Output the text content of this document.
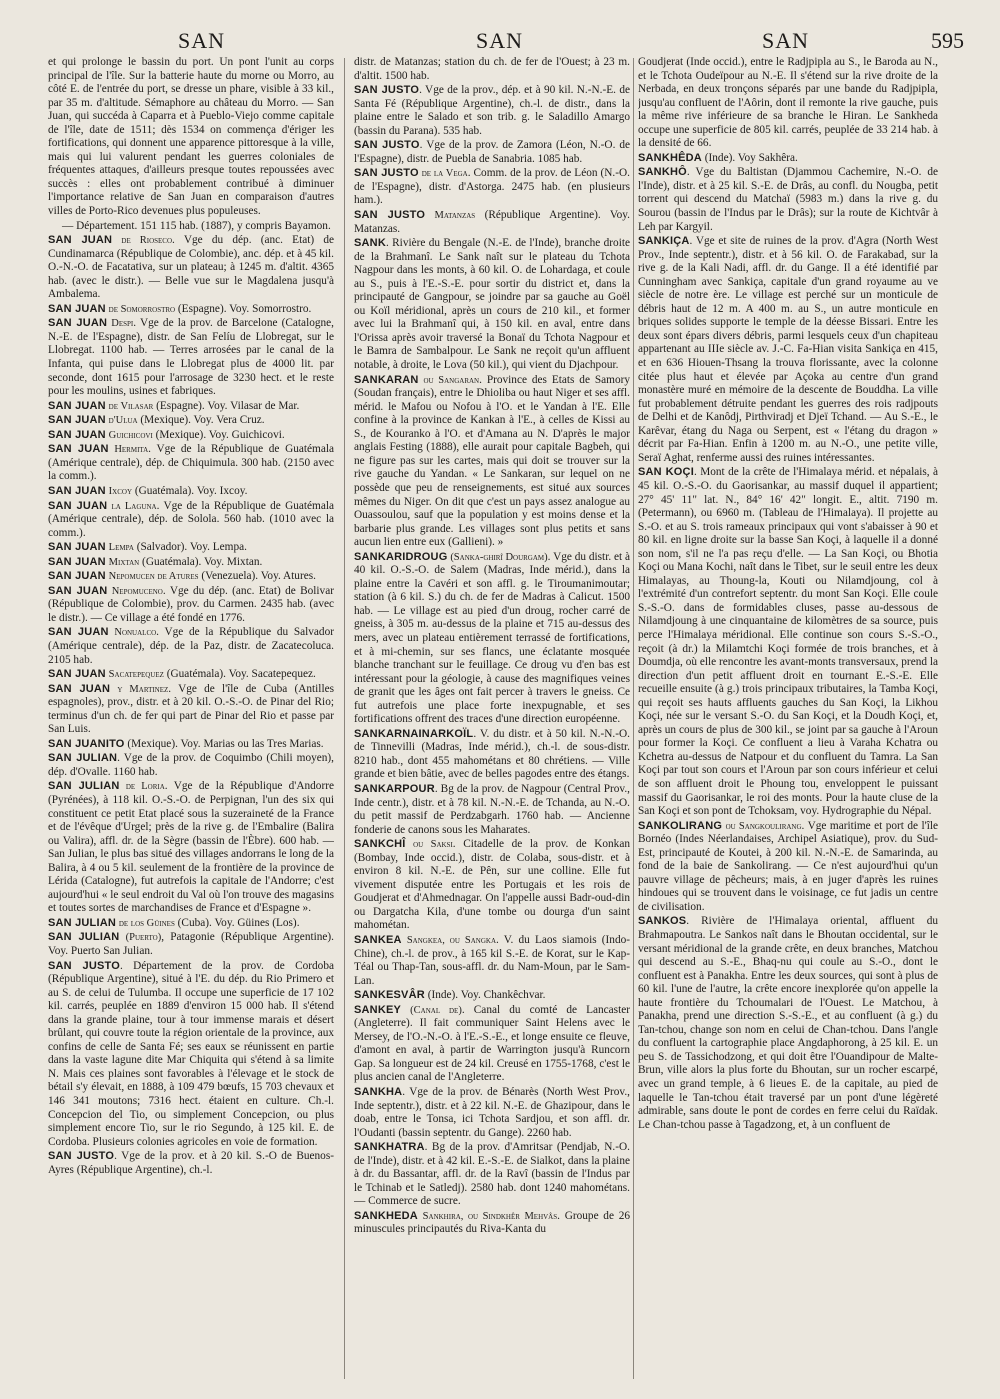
SAN	SAN	SAN	595

et qui prolonge le bassin du port. Un pont l'unit au corps principal de l'île. Sur la batterie haute du morne ou Morro, au côté E. de l'entrée du port, se dresse un phare, visible à 33 kil., par 35 m. d'altitude. Sémaphore au château du Morro. — San Juan, qui succéda à Caparra et à Pueblo-Viejo comme capitale de l'île, date de 1511; dès 1534 on commença d'ériger les fortifications, qui donnent une apparence pittoresque à la ville, mais qui lui valurent pendant les guerres coloniales de fréquentes attaques, d'ailleurs presque toutes repoussées avec succès : elles ont probablement contribué à diminuer l'importance relative de San Juan en comparaison d'autres villes de Porto-Rico devenues plus populeuses.

— Département. 151 115 hab. (1887), y compris Bayamon.

SAN JUAN de Rioseco. Vge du dép. (anc. Etat) de Cundinamarca (République de Colombie), anc. dép. et à 45 kil. O.-N.-O. de Facatativa, sur un plateau; à 1245 m. d'altit. 4365 hab. (avec le distr.). — Belle vue sur le Magdalena jusqu'à Ambalema.

SAN JUAN de Somorrostro (Espagne). Voy. Somorrostro.

SAN JUAN Despi. Vge de la prov. de Barcelone (Catalogne, N.-E. de l'Espagne), distr. de San Felíu de Llobregat, sur le Llobregat. 1100 hab. — Terres arrosées par le canal de la Infanta, qui puise dans le Llobregat plus de 4000 lit. par seconde, dont 1615 pour l'arrosage de 3230 hect. et le reste pour les moulins, usines et fabriques.

SAN JUAN de Vilasar (Espagne). Voy. Vilasar de Mar.

SAN JUAN d'Ulua (Mexique). Voy. Vera Cruz.

SAN JUAN Guichicovi (Mexique). Voy. Guichicovi.

SAN JUAN Hermita. Vge de la République de Guatémala (Amérique centrale), dép. de Chiquimula. 300 hab. (2150 avec la comm.).

SAN JUAN Ixcoy (Guatémala). Voy. Ixcoy.

SAN JUAN la Laguna. Vge de la République de Guatémala (Amérique centrale), dép. de Solola. 560 hab. (1010 avec la comm.).

SAN JUAN Lempa (Salvador). Voy. Lempa.

SAN JUAN Mixtan (Guatémala). Voy. Mixtan.

SAN JUAN Nepomucen de Atures (Venezuela). Voy. Atures.

SAN JUAN Nepomuceno. Vge du dép. (anc. Etat) de Bolivar (République de Colombie), prov. du Carmen. 2435 hab. (avec le distr.). — Ce village a été fondé en 1776.

SAN JUAN Nonualco. Vge de la République du Salvador (Amérique centrale), dép. de la Paz, distr. de Zacatecoluca. 2105 hab.

SAN JUAN Sacatepequez (Guatémala). Voy. Sacatepequez.

SAN JUAN y Martinez. Vge de l'île de Cuba (Antilles espagnoles), prov., distr. et à 20 kil. O.-S.-O. de Pinar del Rio; terminus d'un ch. de fer qui part de Pinar del Rio et passe par San Luis.

SAN JUANITO (Mexique). Voy. Marias ou las Tres Marias.

SAN JULIAN. Vge de la prov. de Coquimbo (Chili moyen), dép. d'Ovalle. 1160 hab.

SAN JULIAN de Loria. Vge de la République d'Andorre (Pyrénées), à 118 kil. O.-S.-O. de Perpignan, l'un des six qui constituent ce petit Etat placé sous la suzeraineté de la France et de l'évêque d'Urgel; près de la rive g. de l'Embalire (Balira ou Valira), affl. dr. de la Sègre (bassin de l'Èbre). 600 hab. — San Julian, le plus bas situé des villages andorrans le long de la Balira, à 4 ou 5 kil. seulement de la frontière de la province de Lérida (Catalogne), fut autrefois la capitale de l'Andorre; c'est aujourd'hui « le seul endroit du Val où l'on trouve des magasins et toutes sortes de marchandises de France et d'Espagne ».

SAN JULIAN de los Güines (Cuba). Voy. Güines (Los).

SAN JULIAN (Puerto), Patagonie (République Argentine). Voy. Puerto San Julian.

SAN JUSTO. Département de la prov. de Cordoba (République Argentine), situé à l'E. du dép. du Rio Primero et au S. de celui de Tulumba. Il occupe une superficie de 17 102 kil. carrés, peuplée en 1889 d'environ 15 000 hab. Il s'étend dans la grande plaine, tour à tour immense marais et désert brûlant, qui couvre toute la région orientale de la province, aux confins de celle de Santa Fé; ses eaux se réunissent en partie dans la vaste lagune dite Mar Chiquita qui s'étend à sa limite N. Mais ces plaines sont favorables à l'élevage et le stock de bétail s'y élevait, en 1888, à 109 479 bœufs, 15 703 chevaux et 146 341 moutons; 7316 hect. étaient en culture. Ch.-l. Concepcion del Tio, ou simplement Concepcion, ou plus simplement encore Tio, sur le rio Segundo, à 125 kil. E. de Cordoba. Plusieurs colonies agricoles en voie de formation.

SAN JUSTO. Vge de la prov. et à 20 kil. S.-O de Buenos-Ayres (République Argentine), ch.-l.

distr. de Matanzas; station du ch. de fer de l'Ouest; à 23 m. d'altit. 1500 hab.

SAN JUSTO. Vge de la prov., dép. et à 90 kil. N.-N.-E. de Santa Fé (République Argentine), ch.-l. de distr., dans la plaine entre le Salado et son trib. g. le Saladillo Amargo (bassin du Parana). 535 hab.

SAN JUSTO. Vge de la prov. de Zamora (Léon, N.-O. de l'Espagne), distr. de Puebla de Sanabria. 1085 hab.

SAN JUSTO de la Vega. Comm. de la prov. de Léon (N.-O. de l'Espagne), distr. d'Astorga. 2475 hab. (en plusieurs ham.).

SAN JUSTO Matanzas (République Argentine). Voy. Matanzas.

SANK. Rivière du Bengale (N.-E. de l'Inde), branche droite de la Brahmanî. Le Sank naît sur le plateau du Tchota Nagpour dans les monts, à 60 kil. O. de Lohardaga, et coule au S., puis à l'E.-S.-E. pour sortir du district et, dans la principauté de Gangpour, se joindre par sa gauche au Goël ou Koïl méridional, après un cours de 210 kil., et former avec lui la Brahmanî qui, à 150 kil. en aval, entre dans l'Orissa après avoir traversé la Bonaï du Tchota Nagpour et le Bamra de Sambalpour. Le Sank ne reçoit qu'un affluent notable, à droite, le Lova (50 kil.), qui vient du Djachpour.

SANKARAN ou Sangaran. Province des Etats de Samory (Soudan français), entre le Dhioliba ou haut Niger et ses affl. mérid. le Mafou ou Nofou à l'O. et le Yandan à l'E. Elle confine à la province de Kankan à l'E., à celles de Kissi au S., de Kouranko à l'O. et d'Amana au N. D'après le major anglais Festing (1888), elle aurait pour capitale Bagbeh, qui ne figure pas sur les cartes, mais qui doit se trouver sur la rive gauche du Yandan. « Le Sankaran, sur lequel on ne possède que peu de renseignements, est situé aux sources mêmes du Niger. On dit que c'est un pays assez analogue au Ouassoulou, sauf que la population y est moins dense et la barbarie plus grande. Les villages sont plus petits et sans aucun lien entre eux (Gallieni). »

SANKARIDROUG (Sanka-ghirî Dourgam). Vge du distr. et à 40 kil. O.-S.-O. de Salem (Madras, Inde mérid.), dans la plaine entre la Cavéri et son affl. g. le Tiroumanimoutar; station (à 6 kil. S.) du ch. de fer de Madras à Calicut. 1500 hab. — Le village est au pied d'un droug, rocher carré de gneiss, à 305 m. au-dessus de la plaine et 715 au-dessus des mers, avec un plateau entièrement terrassé de fortifications, et à mi-chemin, sur ses flancs, une éclatante mosquée blanche tranchant sur le feuillage. Ce droug vu d'en bas est intéressant pour la géologie, à cause des magnifiques veines de granit que les âges ont fait percer à travers le gneiss. Ce fut autrefois une place forte inexpugnable, et ses fortifications offrent des traces d'une direction européenne.

SANKARNAINARKOÏL. V. du distr. et à 50 kil. N.-N.-O. de Tinnevilli (Madras, Inde mérid.), ch.-l. de sous-distr. 8210 hab., dont 455 mahométans et 80 chrétiens. — Ville grande et bien bâtie, avec de belles pagodes entre des étangs.

SANKARPOUR. Bg de la prov. de Nagpour (Central Prov., Inde centr.), distr. et à 78 kil. N.-N.-E. de Tchanda, au N.-O. du petit massif de Perdzabgarh. 1760 hab. — Ancienne fonderie de canons sous les Maharates.

SANKCHÎ ou Saksi. Citadelle de la prov. de Konkan (Bombay, Inde occid.), distr. de Colaba, sous-distr. et à environ 8 kil. N.-E. de Pên, sur une colline. Elle fut vivement disputée entre les Portugais et les rois de Goudjerat et d'Ahmednagar. On l'appelle aussi Badr-oud-din ou Dargatcha Kila, d'une tombe ou dourga d'un saint mahométan.

SANKEA Sangkea, ou Sangka. V. du Laos siamois (Indo-Chine), ch.-l. de prov., à 165 kil S.-E. de Korat, sur le Kap-Téal ou Thap-Tan, sous-affl. dr. du Nam-Moun, par le Sam-Lan.

SANKESVÂR (Inde). Voy. Chankêchvar.

SANKEY (Canal de). Canal du comté de Lancaster (Angleterre). Il fait communiquer Saint Helens avec le Mersey, de l'O.-N.-O. à l'E.-S.-E., et longe ensuite ce fleuve, d'amont en aval, à partir de Warrington jusqu'à Runcorn Gap. Sa longueur est de 24 kil. Creusé en 1755-1768, c'est le plus ancien canal de l'Angleterre.

SANKHA. Vge de la prov. de Bénarès (North West Prov., Inde septentr.), distr. et à 22 kil. N.-E. de Ghazipour, dans le doab, entre le Tonsa, ici Tchota Sardjou, et son affl. dr. l'Oudanti (bassin septentr. du Gange). 2260 hab.

SANKHATRA. Bg de la prov. d'Amritsar (Pendjab, N.-O. de l'Inde), distr. et à 42 kil. E.-S.-E. de Sialkot, dans la plaine à dr. du Bassantar, affl. dr. de la Ravî (bassin de l'Indus par le Tchinab et le Satledj). 2580 hab. dont 1240 mahométans. — Commerce de sucre.

SANKHEDA Sankhira, ou Sindkhêr Mehvâs. Groupe de 26 minuscules principautés du Riva-Kanta du

Goudjerat (Inde occid.), entre le Radjpipla au S., le Baroda au N., et le Tchota Oudeïpour au N.-E. Il s'étend sur la rive droite de la Nerbada, en deux tronçons séparés par une bande du Radjpipla, jusqu'au confluent de l'Aôrin, dont il remonte la rive gauche, puis la même rive inférieure de sa branche le Hiran. Le Sankheda occupe une superficie de 805 kil. carrés, peuplée de 33 214 hab. à la densité de 66.

SANKHÊDA (Inde). Voy Sakhêra.

SANKHÔ. Vge du Baltistan (Djammou Cachemire, N.-O. de l'Inde), distr. et à 25 kil. S.-E. de Drâs, au confl. du Nougba, petit torrent qui descend du Matchaï (5983 m.) dans la rive g. du Sourou (bassin de l'Indus par le Drâs); sur la route de Kichtvâr à Leh par Kargyil.

SANKIÇA. Vge et site de ruines de la prov. d'Agra (North West Prov., Inde septentr.), distr. et à 56 kil. O. de Farakabad, sur la rive g. de la Kali Nadi, affl. dr. du Gange. Il a été identifié par Cunningham avec Sankiça, capitale d'un grand royaume au ve siècle de notre ère. Le village est perché sur un monticule de débris haut de 12 m. A 400 m. au S., un autre monticule en briques solides supporte le temple de la déesse Bissari. Entre les deux sont épars divers débris, parmi lesquels ceux d'un chapiteau appartenant au IIIe siècle av. J.-C. Fa-Hian visita Sankiça en 415, et en 636 Hiouen-Thsang la trouva florissante, avec la colonne citée plus haut et élevée par Açoka au centre d'un grand monastère muré en mémoire de la descente de Bouddha. La ville fut probablement détruite pendant les guerres des rois radjpouts de Delhi et de Kanôdj, Pirthviradj et Djeï Tchand. — Au S.-E., le Karêvar, étang du Naga ou Serpent, est « l'étang du dragon » décrit par Fa-Hian. Enfin à 1200 m. au N.-O., une petite ville, Seraï Aghat, renferme aussi des ruines intéressantes.

SAN KOÇI. Mont de la crête de l'Himalaya mérid. et népalais, à 45 kil. O.-S.-O. du Gaorisankar, au massif duquel il appartient; 27° 45' 11" lat. N., 84° 16' 42" longit. E., altit. 7190 m. (Petermann), ou 6960 m. (Tableau de l'Himalaya). Il projette au S.-O. et au S. trois rameaux principaux qui vont s'abaisser à 90 et 80 kil. en ligne droite sur la basse San Koçi, à laquelle il a donné son nom, s'il ne l'a pas reçu d'elle. — La San Koçi, ou Bhotia Koçi ou Mana Kochi, naît dans le Tibet, sur le seuil entre les deux Himalayas, au Thoung-la, Kouti ou Nilamdjoung, col à l'extrémité d'un contrefort septentr. du mont San Koçi. Elle coule S.-S.-O. dans de formidables cluses, passe au-dessous de Nilamdjoung à une cinquantaine de kilomètres de sa source, puis perce l'Himalaya méridional. Elle continue son cours S.-S.-O., reçoit (à dr.) la Milamtchi Koçi formée de trois branches, et à Doumdja, où elle rencontre les avant-monts transversaux, prend la direction d'un petit affluent droit en tournant E.-S.-E. Elle recueille ensuite (à g.) trois principaux tributaires, la Tamba Koçi, qui reçoit ses hauts affluents gauches du San Koçi, la Likhou Koçi, née sur le versant S.-O. du San Koçi, et la Doudh Koçi, et, après un cours de plus de 300 kil., se joint par sa gauche à l'Aroun pour former la Koçi. Ce confluent a lieu à Varaha Kchatra ou Kchetra au-dessus de Natpour et du confluent du Tamra. La San Koçi par tout son cours et l'Aroun par son cours inférieur et celui de son affluent droit le Phoung tou, enveloppent le puissant massif du Gaorisankar, le roi des monts. Pour la haute cluse de la San Koçi et son pont de Tchoksam, voy. Hydrographie du Népal.

SANKOLIRANG ou Sangkoulirang. Vge maritime et port de l'île Bornéo (Indes Néerlandaises, Archipel Asiatique), prov. du Sud-Est, principauté de Koutei, à 200 kil. N.-N.-E. de Samarinda, au fond de la baie de Sankolirang. — Ce n'est aujourd'hui qu'un pauvre village de pêcheurs; mais, à en juger d'après les ruines hindoues qui se trouvent dans le voisinage, ce fut jadis un centre de civilisation.

SANKOS. Rivière de l'Himalaya oriental, affluent du Brahmapoutra. Le Sankos naît dans le Bhoutan occidental, sur le versant méridional de la grande crête, en deux branches, Matchou qui descend au S.-E., Bhaq-nu qui coule au S.-O., dont le confluent est à Panakha. Entre les deux sources, qui sont à plus de 60 kil. l'une de l'autre, la crête encore inexplorée qu'on appelle la haute frontière du Tchoumalari de l'Ouest. Le Matchou, à Panakha, prend une direction S.-S.-E., et au confluent (à g.) du Tan-tchou, change son nom en celui de Chan-tchou. Dans l'angle du confluent la cartographie place Angdaphorong, à 25 kil. E. un peu S. de Tassichodzong, et qui doit être l'Ouandipour de Malte-Brun, ville alors la plus forte du Bhoutan, sur un rocher escarpé, avec un grand temple, à 6 lieues E. de la capitale, au pied de laquelle le Tan-tchou était traversé par un pont d'une légèreté admirable, sans doute le pont de cordes en ferre celui du Raïdak. Le Chan-tchou passe à Tagadzong, et, à un confluent de
